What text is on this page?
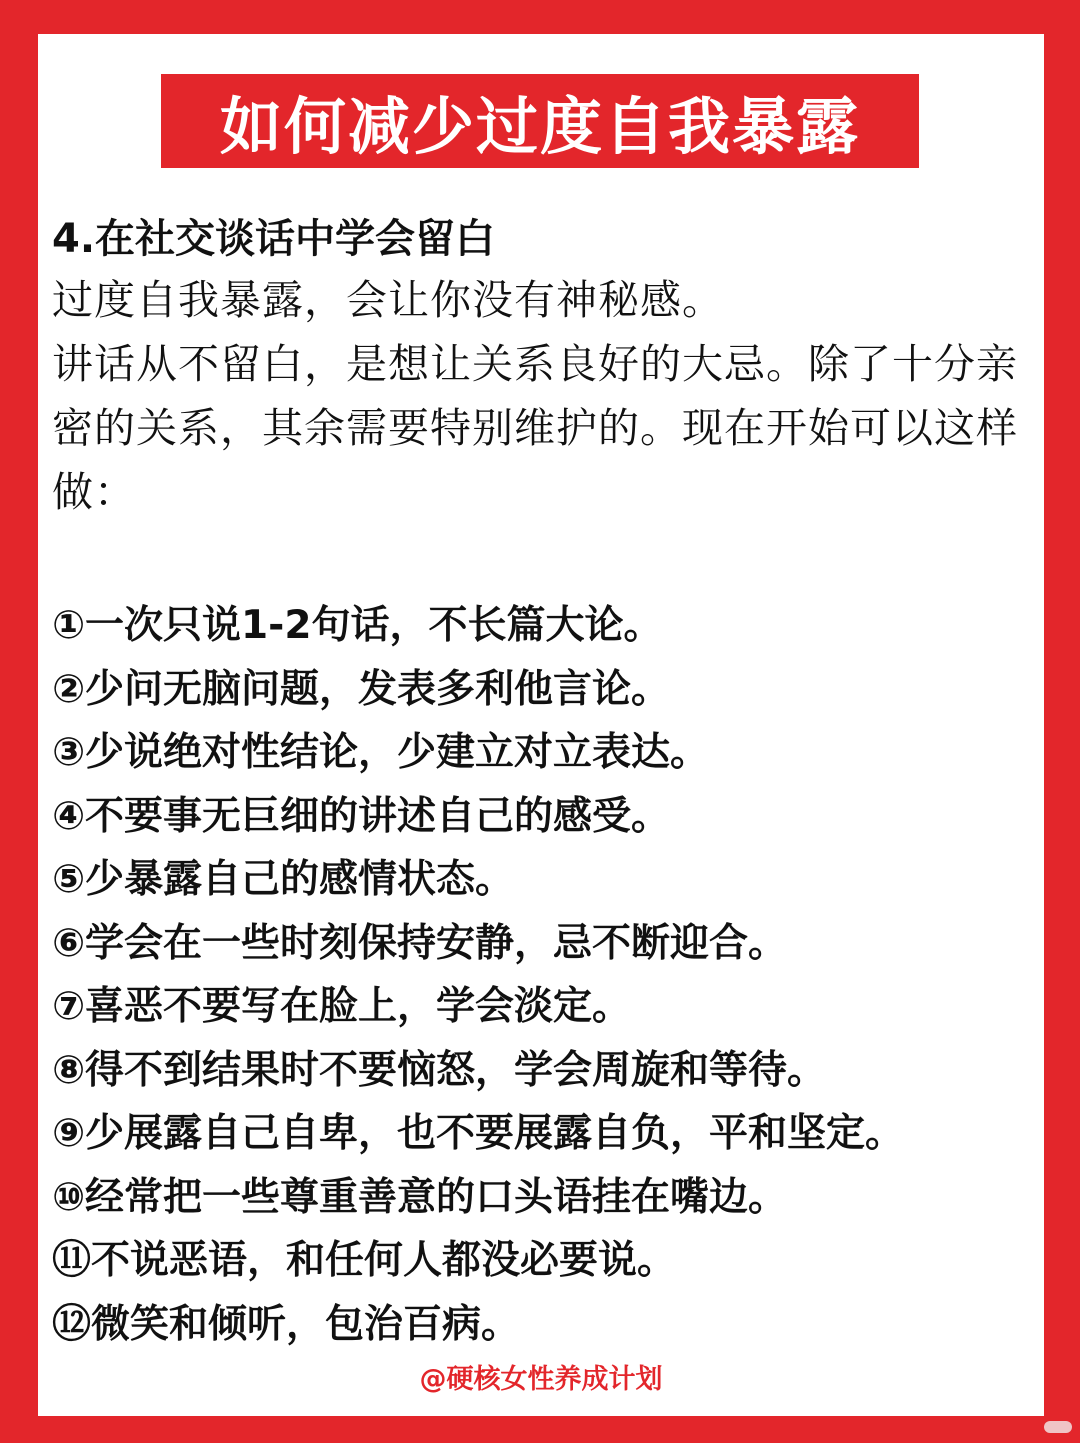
如何减少过度自我暴露
4.在社交谈话中学会留白

过度自我暴露，会让你没有神秘感。

讲话从不留白，是想让关系良好的大忌。除了十分亲密的关系，其余需要特别维护的。现在开始可以这样做：

①一次只说1-2句话，不长篇大论。
②少问无脑问题，发表多利他言论。
③少说绝对性结论，少建立对立表达。
④不要事无巨细的讲述自己的感受。
⑤少暴露自己的感情状态。
⑥学会在一些时刻保持安静，忌不断迎合。
⑦喜恶不要写在脸上，学会淡定。
⑧得不到结果时不要恼怒，学会周旋和等待。
⑨少展露自己自卑，也不要展露自负，平和坚定。
⑩经常把一些尊重善意的口头语挂在嘴边。
⑪不说恶语，和任何人都没必要说。
⑫微笑和倾听，包治百病。
@硬核女性养成计划
